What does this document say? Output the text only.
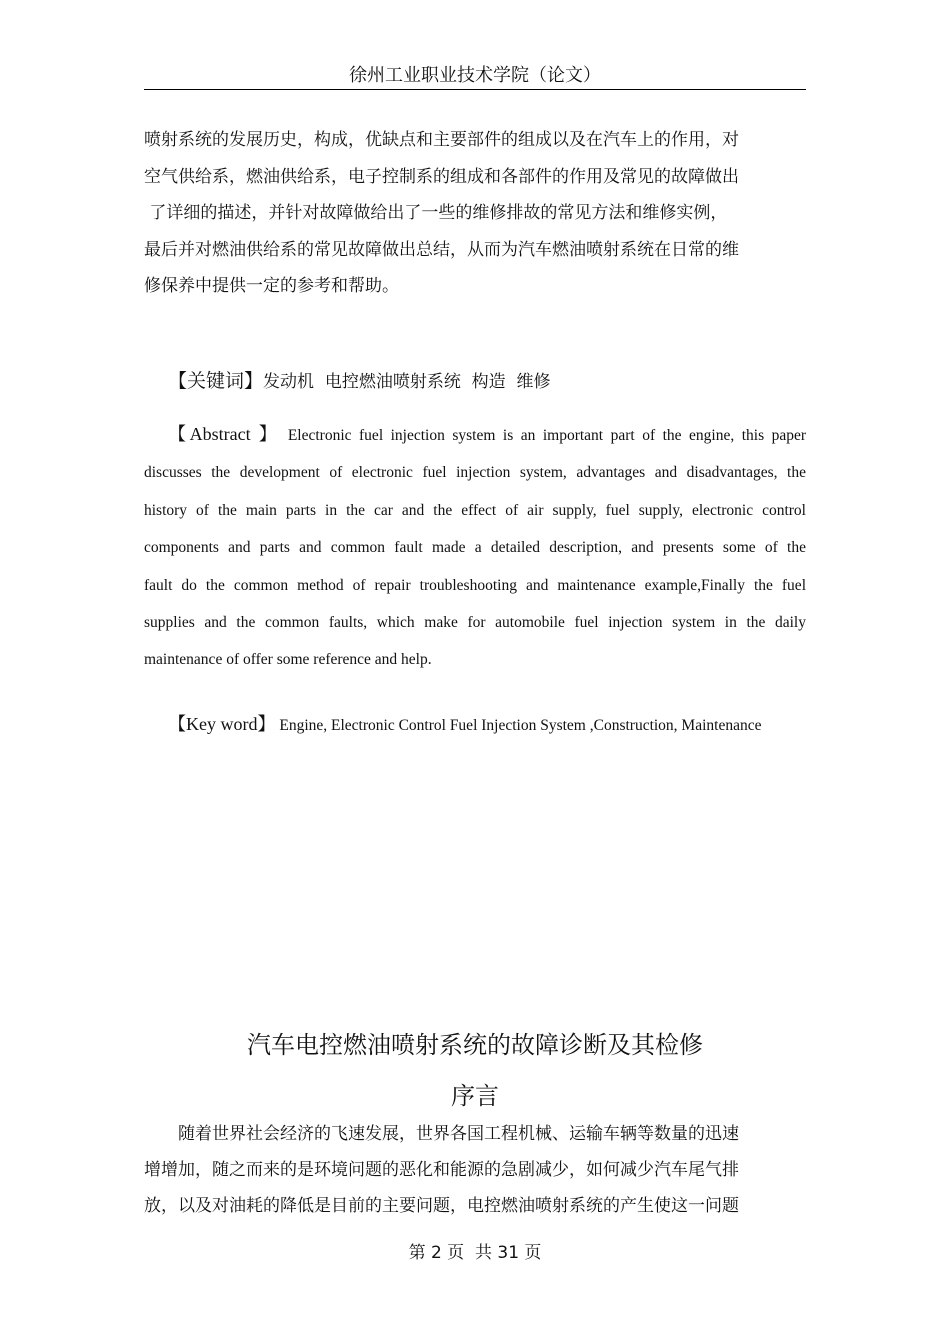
徐州工业职业技术学院（论文）
喷射系统的发展历史，构成，优缺点和主要部件的组成以及在汽车上的作用，对
空气供给系，燃油供给系，电子控制系的组成和各部件的作用及常见的故障做出
了详细的描述，并针对故障做给出了一些的维修排故的常见方法和维修实例，
最后并对燃油供给系的常见故障做出总结，从而为汽车燃油喷射系统在日常的维
修保养中提供一定的参考和帮助。
【关键词】发动机  电控燃油喷射系统  构造  维修
【Abstract 】 Electronic fuel injection system is an important part of the engine, this paper
discusses the development of electronic fuel injection system, advantages and disadvantages, the
history of the main parts in the car and the effect of air supply, fuel supply, electronic control
components and parts and common fault made a detailed description, and presents some of the
fault do the common method of repair troubleshooting and maintenance example,Finally the fuel
supplies and the common faults, which make for automobile fuel injection system in the daily
maintenance of offer some reference and help.
【Key word】 Engine, Electronic Control Fuel Injection System ,Construction, Maintenance
汽车电控燃油喷射系统的故障诊断及其检修
序言
随着世界社会经济的飞速发展，世界各国工程机械、运输车辆等数量的迅速
增增加，随之而来的是环境问题的恶化和能源的急剧减少，如何减少汽车尾气排
放，以及对油耗的降低是目前的主要问题，电控燃油喷射系统的产生使这一问题
第 2 页  共 31 页
